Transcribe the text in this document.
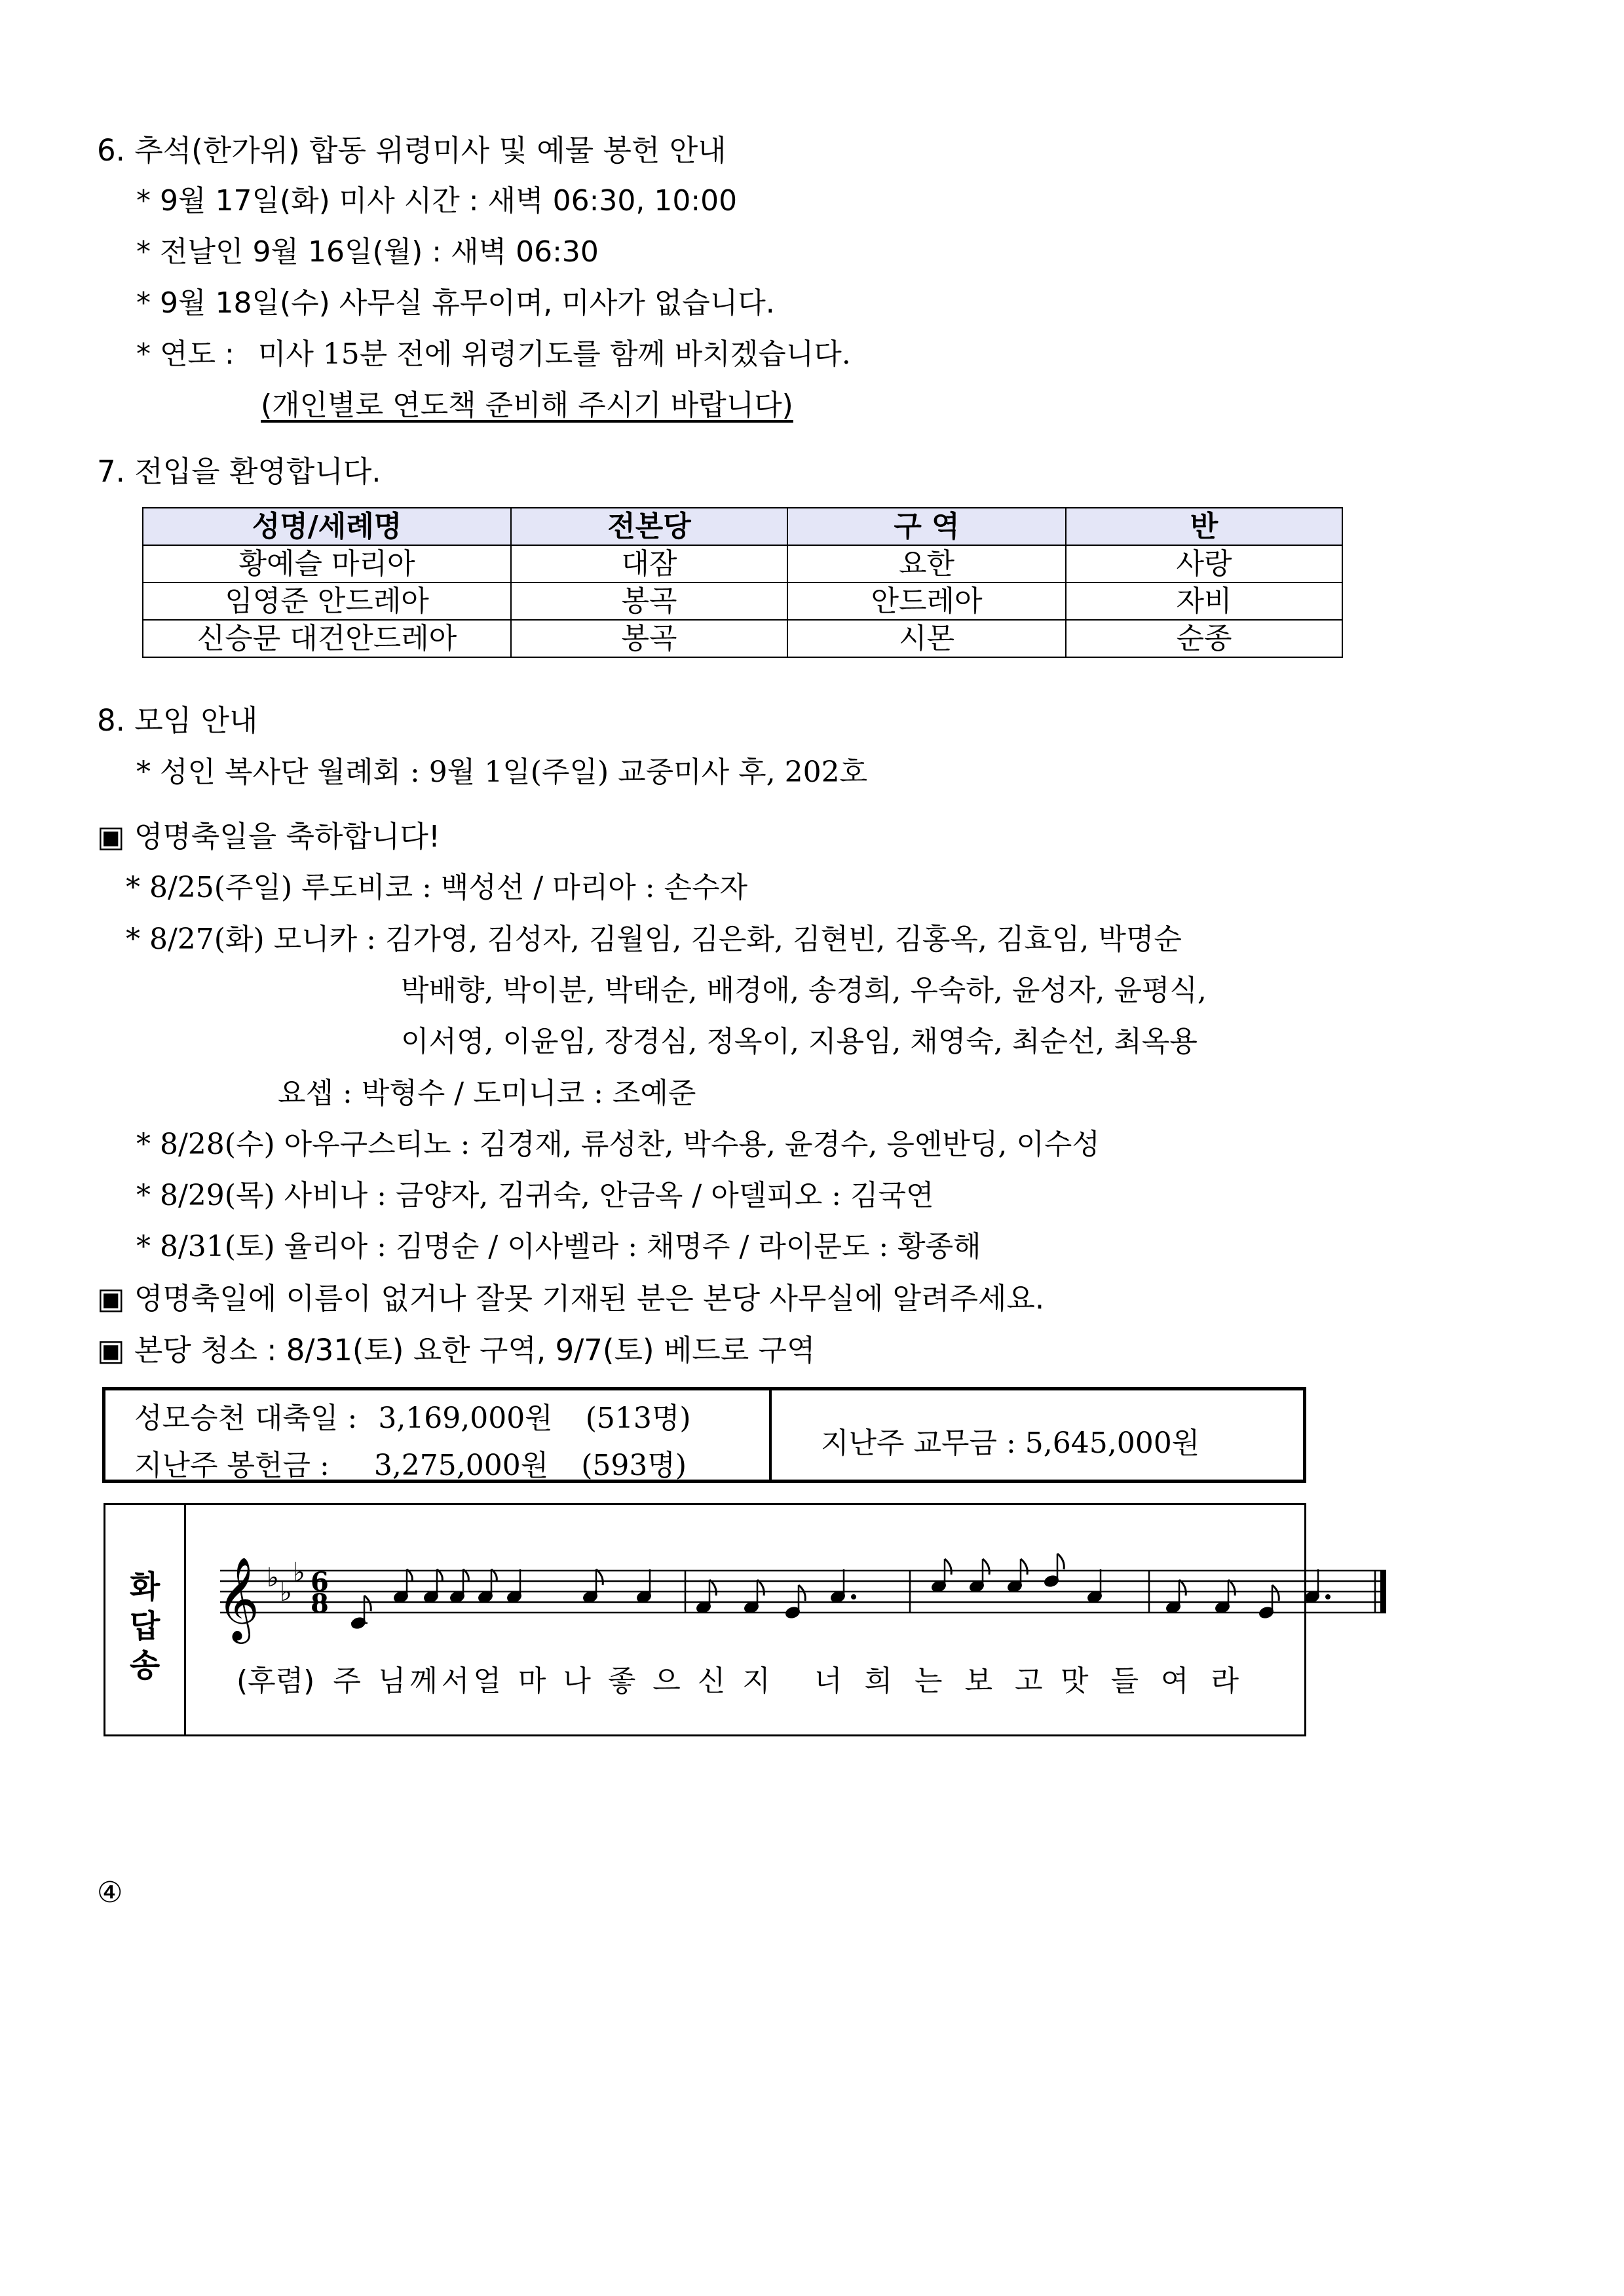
6. 추석(한가위) 합동 위령미사 및 예물 봉헌 안내
* 9월 17일(화) 미사 시간 : 새벽 06:30, 10:00
* 전날인 9월 16일(월) : 새벽 06:30
* 9월 18일(수) 사무실 휴무이며, 미사가 없습니다.
* 연도 : 미사 15분 전에 위령기도를 함께 바치겠습니다.
(개인별로 연도책 준비해 주시기 바랍니다)
7. 전입을 환영합니다.
성명/세례명	전본당	구 역	반
황예슬 마리아	대잠	요한	사랑
임영준 안드레아	봉곡	안드레아	자비
신승문 대건안드레아	봉곡	시몬	순종
8. 모임 안내
* 성인 복사단 월례회 : 9월 1일(주일) 교중미사 후, 202호
▣ 영명축일을 축하합니다!
* 8/25(주일) 루도비코 : 백성선 / 마리아 : 손수자
* 8/27(화) 모니카 : 김가영, 김성자, 김월임, 김은화, 김현빈, 김홍옥, 김효임, 박명순
박배향, 박이분, 박태순, 배경애, 송경희, 우숙하, 윤성자, 윤평식,
이서영, 이윤임, 장경심, 정옥이, 지용임, 채영숙, 최순선, 최옥용
요셉 : 박형수 / 도미니코 : 조예준
* 8/28(수) 아우구스티노 : 김경재, 류성찬, 박수용, 윤경수, 응엔반딩, 이수성
* 8/29(목) 사비나 : 금양자, 김귀숙, 안금옥 / 아델피오 : 김국연
* 8/31(토) 율리아 : 김명순 / 이사벨라 : 채명주 / 라이문도 : 황종해
▣ 영명축일에 이름이 없거나 잘못 기재된 분은 본당 사무실에 알려주세요.
▣ 본당 청소 : 8/31(토) 요한 구역, 9/7(토) 베드로 구역
성모승천 대축일 : 3,169,000원 (513명)
지난주 봉헌금 : 3,275,000원 (593명)
지난주 교무금 : 5,645,000원
화
답
송
𝄞 ♭ ♭
♭ 6
8
(후렴) 주 님께서얼 마 나 좋 으 신 지 너 희 는 보 고 맛 들 여 라
④
